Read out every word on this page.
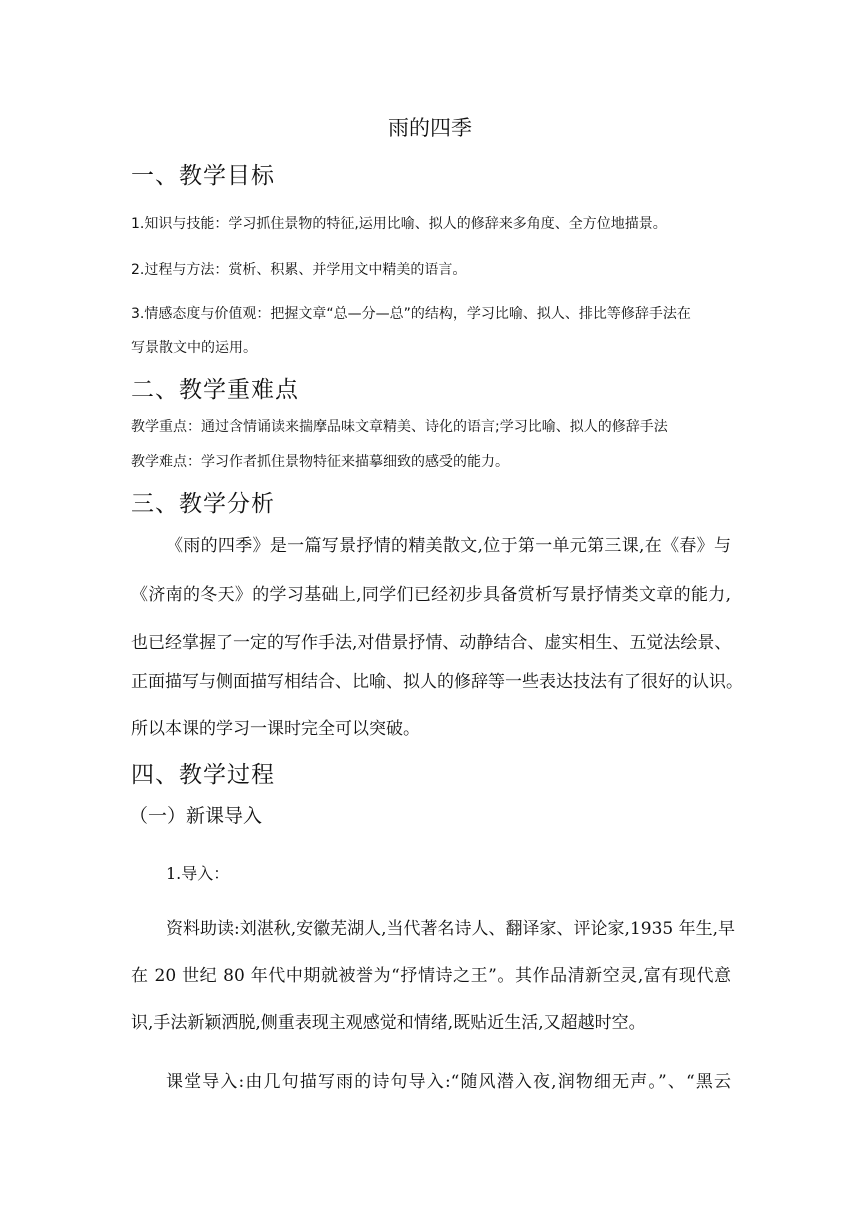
雨的四季
一、教学目标
1.知识与技能：学习抓住景物的特征,运用比喻、拟人的修辞来多角度、全方位地描景。
2.过程与方法：赏析、积累、并学用文中精美的语言。
3.情感态度与价值观：把握文章“总—分—总”的结构，学习比喻、拟人、排比等修辞手法在
写景散文中的运用。
二、教学重难点
教学重点：通过含情诵读来揣摩品味文章精美、诗化的语言;学习比喻、拟人的修辞手法
教学难点：学习作者抓住景物特征来描摹细致的感受的能力。
三、教学分析
《雨的四季》是一篇写景抒情的精美散文,位于第一单元第三课,在《春》与
《济南的冬天》的学习基础上,同学们已经初步具备赏析写景抒情类文章的能力,
也已经掌握了一定的写作手法,对借景抒情、动静结合、虚实相生、五觉法绘景、
正面描写与侧面描写相结合、比喻、拟人的修辞等一些表达技法有了很好的认识。
所以本课的学习一课时完全可以突破。
四、教学过程
（一）新课导入
1.导入：
资料助读:刘湛秋,安徽芜湖人,当代著名诗人、翻译家、评论家,1935 年生,早
在 20 世纪 80 年代中期就被誉为“抒情诗之王”。其作品清新空灵,富有现代意
识,手法新颖洒脱,侧重表现主观感觉和情绪,既贴近生活,又超越时空。
课堂导入:由几句描写雨的诗句导入:“随风潜入夜,润物细无声。”、“黑云
